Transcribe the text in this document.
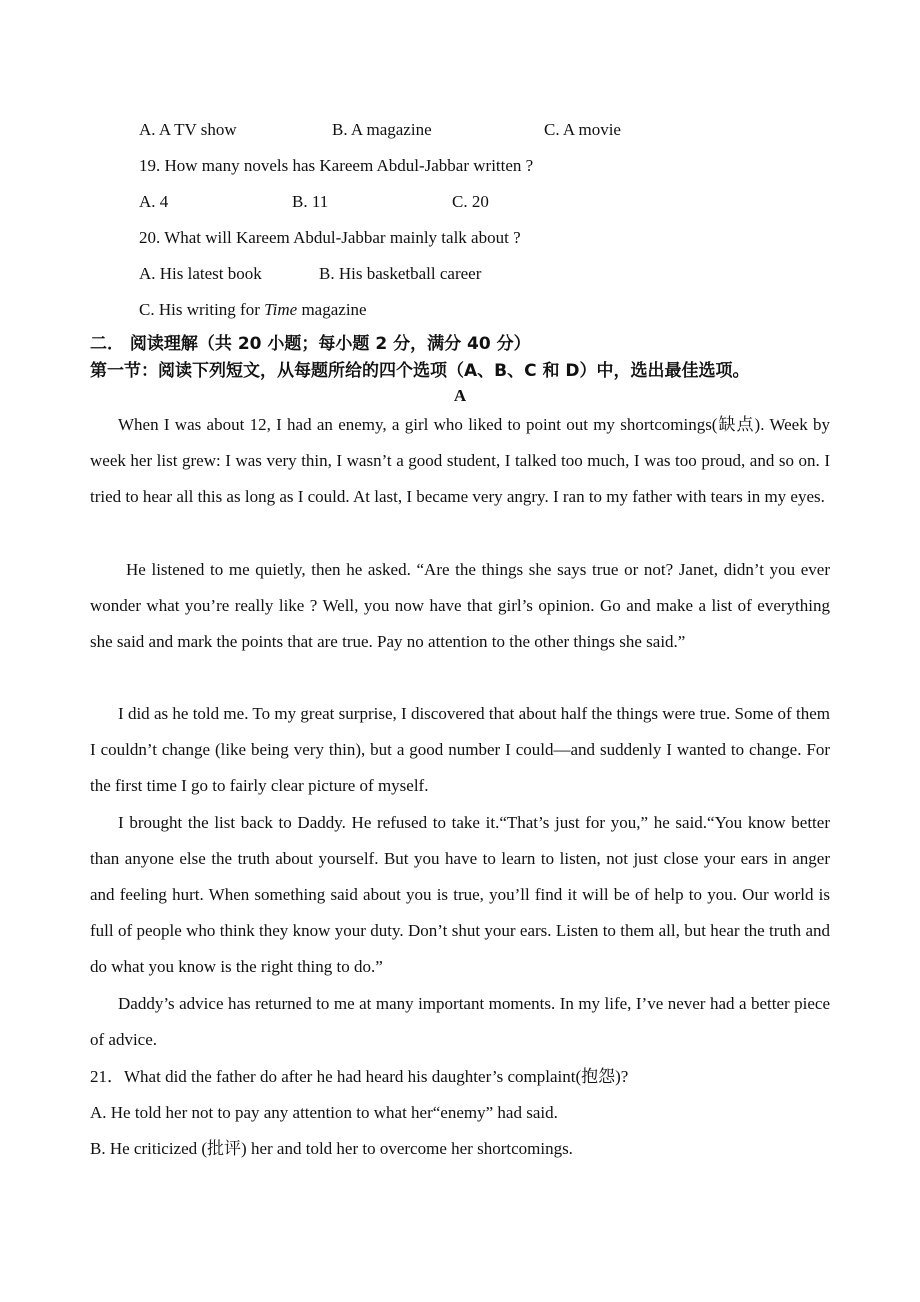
A. A TV show	B. A magazine	C. A movie
19. How many novels has Kareem Abdul-Jabbar written ?
A. 4	B. 11	C. 20
20. What will Kareem Abdul-Jabbar mainly talk about ?
A. His latest book	B. His basketball career
C. His writing for Time magazine
二． 阅读理解（共 20 小题；每小题 2 分，满分 40 分）
第一节：阅读下列短文，从每题所给的四个选项（A、B、C 和 D）中，选出最佳选项。
A

When I was about 12, I had an enemy, a girl who liked to point out my shortcomings(缺点). Week by week her list grew: I was very thin, I wasn’t a good student, I talked too much, I was too proud, and so on. I tried to hear all this as long as I could. At last, I became very angry. I ran to my father with tears in my eyes.

He listened to me quietly, then he asked. “Are the things she says true or not? Janet, didn’t you ever wonder what you’re really like ? Well, you now have that girl’s opinion. Go and make a list of everything she said and mark the points that are true. Pay no attention to the other things she said.”

I did as he told me. To my great surprise, I discovered that about half the things were true. Some of them I couldn’t change (like being very thin), but a good number I could—and suddenly I wanted to change. For the first time I go to fairly clear picture of myself.

I brought the list back to Daddy. He refused to take it.“That’s just for you,” he said.“You know better than anyone else the truth about yourself. But you have to learn to listen, not just close your ears in anger and feeling hurt. When something said about you is true, you’ll find it will be of help to you. Our world is full of people who think they know your duty. Don’t shut your ears. Listen to them all, but hear the truth and do what you know is the right thing to do.”

Daddy’s advice has returned to me at many important moments. In my life, I’ve never had a better piece of advice.

21．What did the father do after he had heard his daughter’s complaint(抱怨)?
A. He told her not to pay any attention to what her“enemy” had said.
B. He criticized (批评) her and told her to overcome her shortcomings.
